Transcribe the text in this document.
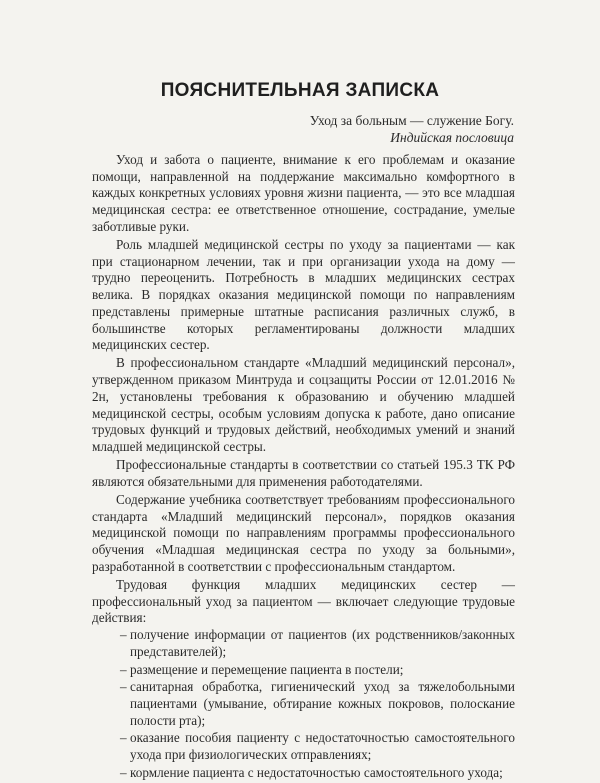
ПОЯСНИТЕЛЬНАЯ ЗАПИСКА
Уход за больным — служение Богу.
Индийская пословица

Уход и забота о пациенте, внимание к его проблемам и оказание помощи, направленной на поддержание максимально комфортного в каждых конкретных условиях уровня жизни пациента, — это все младшая медицинская сестра: ее ответственное отношение, сострадание, умелые заботливые руки.

Роль младшей медицинской сестры по уходу за пациентами — как при стационарном лечении, так и при организации ухода на дому — трудно переоценить. Потребность в младших медицинских сестрах велика. В порядках оказания медицинской помощи по направлениям представлены примерные штатные расписания различных служб, в большинстве которых регламентированы должности младших медицинских сестер.

В профессиональном стандарте «Младший медицинский персонал», утвержденном приказом Минтруда и соцзащиты России от 12.01.2016 № 2н, установлены требования к образованию и обучению младшей медицинской сестры, особым условиям допуска к работе, дано описание трудовых функций и трудовых действий, необходимых умений и знаний младшей медицинской сестры.

Профессиональные стандарты в соответствии со статьей 195.3 ТК РФ являются обязательными для применения работодателями.

Содержание учебника соответствует требованиям профессионального стандарта «Младший медицинский персонал», порядков оказания медицинской помощи по направлениям программы профессионального обучения «Младшая медицинская сестра по уходу за больными», разработанной в соответствии с профессиональным стандартом.

Трудовая функция младших медицинских сестер — профессиональный уход за пациентом — включает следующие трудовые действия:

– получение информации от пациентов (их родственников/законных представителей);
– размещение и перемещение пациента в постели;
– санитарная обработка, гигиенический уход за тяжелобольными пациентами (умывание, обтирание кожных покровов, полоскание полости рта);
– оказание пособия пациенту с недостаточностью самостоятельного ухода при физиологических отправлениях;
– кормление пациента с недостаточностью самостоятельного ухода;
